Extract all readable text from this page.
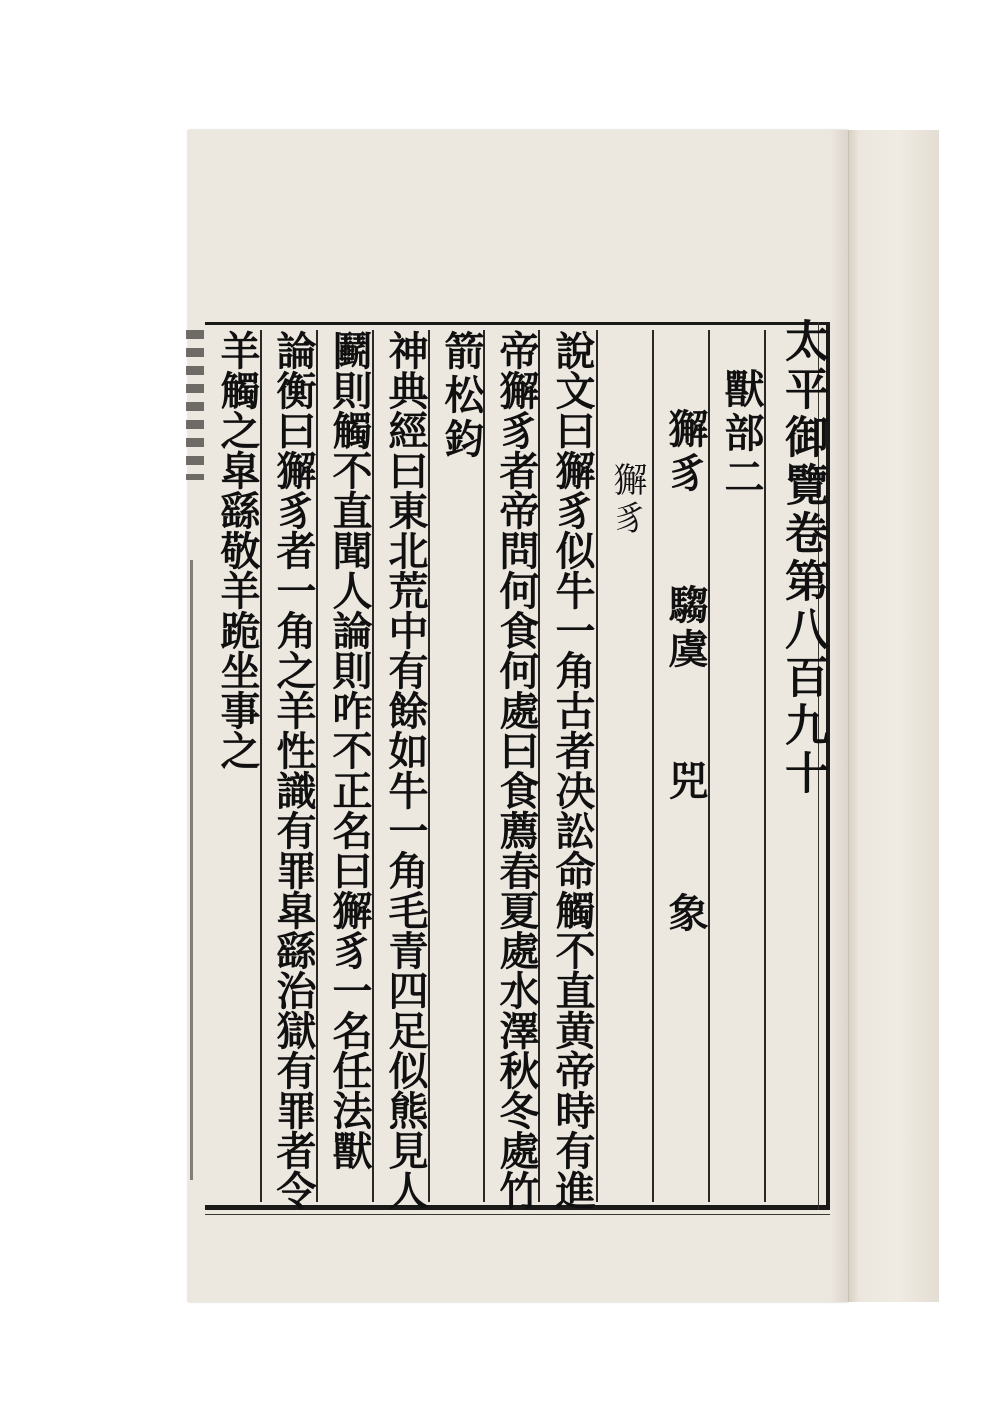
太平御覽卷第八百九十
獸部二
獬豸　　騶虞　　兕　　象
獬豸
說文曰獬豸似牛一角古者决訟命觸不直黄帝時有進
帝獬豸者帝問何食何處曰食薦春夏處水澤秋冬處竹
箭松鈞
神典經曰東北荒中有餘如牛一角毛青四足似熊見人
鬬則觸不直聞人論則咋不正名曰獬豸一名任法獸
論衡曰獬豸者一角之羊性識有罪皐繇治獄有罪者令
羊觸之皐繇敬羊跪坐事之
